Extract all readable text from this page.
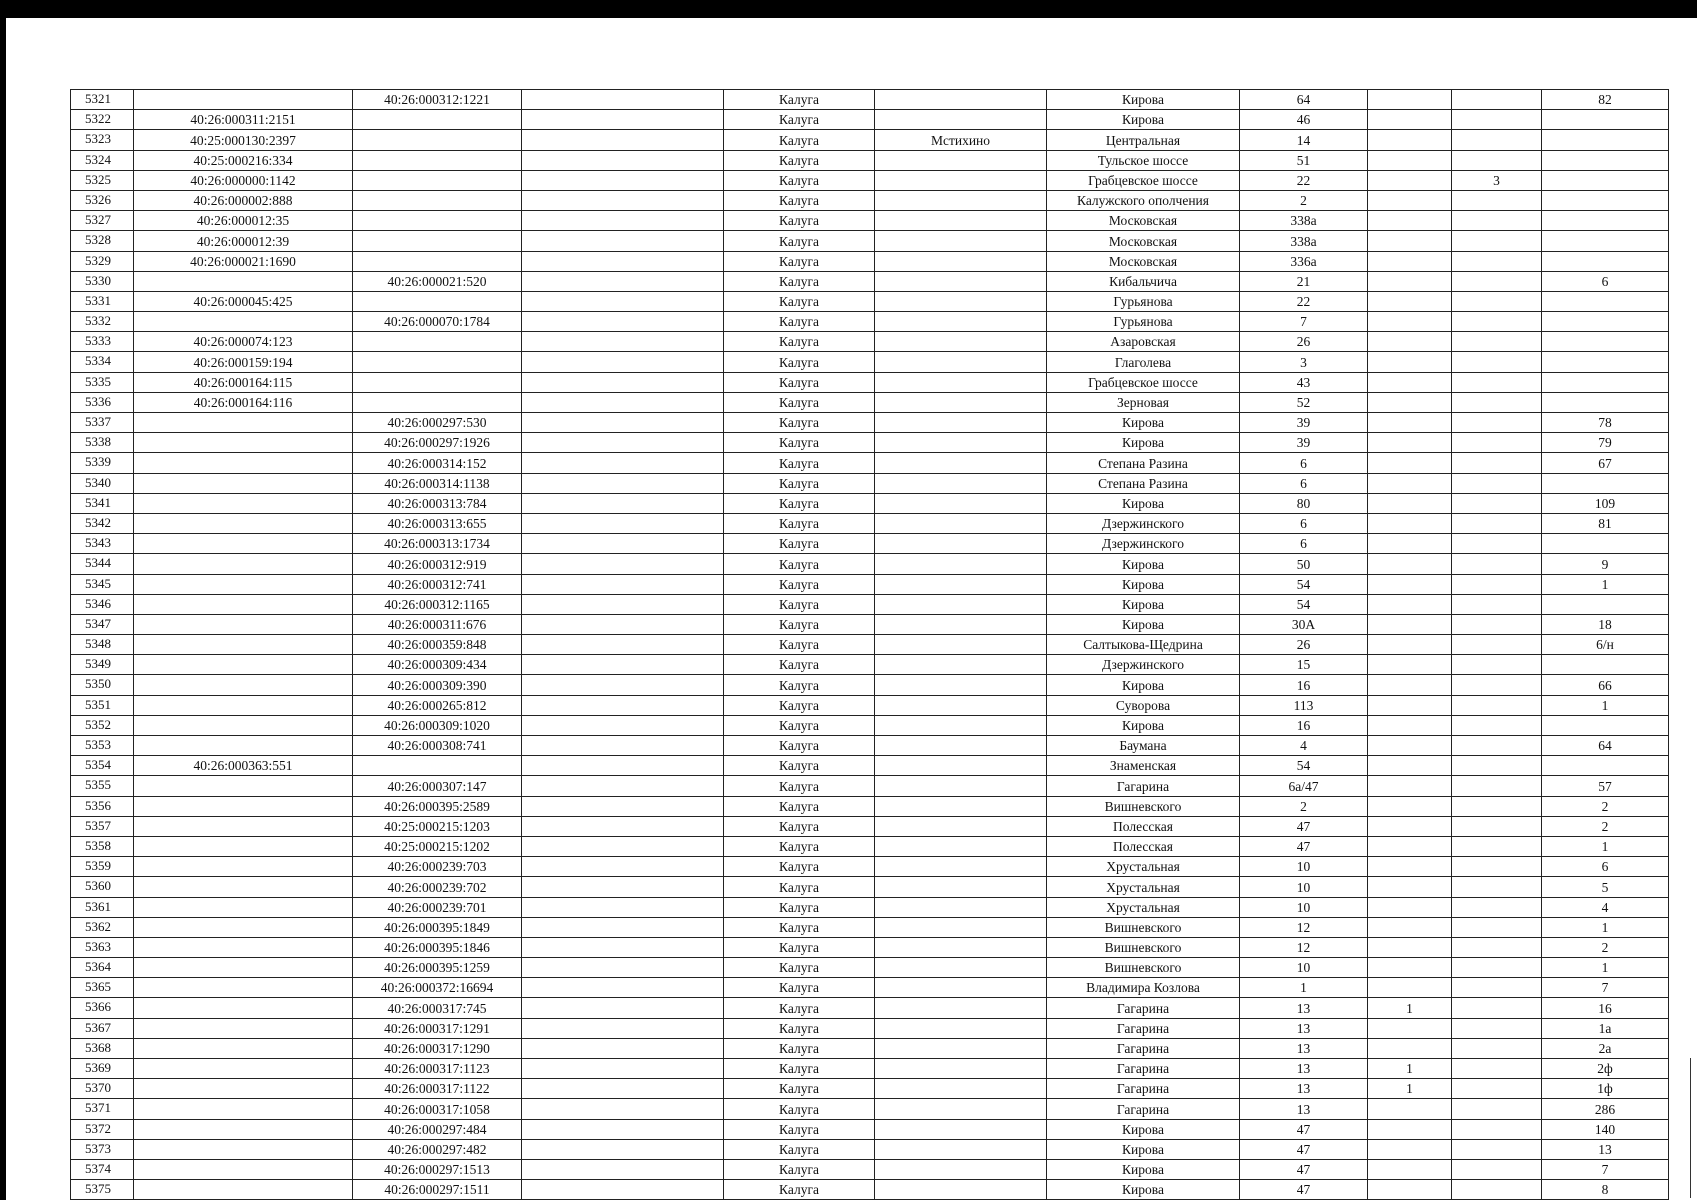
5321		40:26:000312:1221		Калуга		Кирова	64			82
5322	40:26:000311:2151			Калуга		Кирова	46			
5323	40:25:000130:2397			Калуга	Мстихино	Центральная	14			
5324	40:25:000216:334			Калуга		Тульское шоссе	51			
5325	40:26:000000:1142			Калуга		Грабцевское шоссе	22		3	
5326	40:26:000002:888			Калуга		Калужского ополчения	2			
5327	40:26:000012:35			Калуга		Московская	338а			
5328	40:26:000012:39			Калуга		Московская	338а			
5329	40:26:000021:1690			Калуга		Московская	336а			
5330		40:26:000021:520		Калуга		Кибальчича	21			6
5331	40:26:000045:425			Калуга		Гурьянова	22			
5332		40:26:000070:1784		Калуга		Гурьянова	7			
5333	40:26:000074:123			Калуга		Азаровская	26			
5334	40:26:000159:194			Калуга		Глаголева	3			
5335	40:26:000164:115			Калуга		Грабцевское шоссе	43			
5336	40:26:000164:116			Калуга		Зерновая	52			
5337		40:26:000297:530		Калуга		Кирова	39			78
5338		40:26:000297:1926		Калуга		Кирова	39			79
5339		40:26:000314:152		Калуга		Степана Разина	6			67
5340		40:26:000314:1138		Калуга		Степана Разина	6			
5341		40:26:000313:784		Калуга		Кирова	80			109
5342		40:26:000313:655		Калуга		Дзержинского	6			81
5343		40:26:000313:1734		Калуга		Дзержинского	6			
5344		40:26:000312:919		Калуга		Кирова	50			9
5345		40:26:000312:741		Калуга		Кирова	54			1
5346		40:26:000312:1165		Калуга		Кирова	54			
5347		40:26:000311:676		Калуга		Кирова	30А			18
5348		40:26:000359:848		Калуга		Салтыкова-Щедрина	26			6/н
5349		40:26:000309:434		Калуга		Дзержинского	15			
5350		40:26:000309:390		Калуга		Кирова	16			66
5351		40:26:000265:812		Калуга		Суворова	113			1
5352		40:26:000309:1020		Калуга		Кирова	16			
5353		40:26:000308:741		Калуга		Баумана	4			64
5354	40:26:000363:551			Калуга		Знаменская	54			
5355		40:26:000307:147		Калуга		Гагарина	6а/47			57
5356		40:26:000395:2589		Калуга		Вишневского	2			2
5357		40:25:000215:1203		Калуга		Полесская	47			2
5358		40:25:000215:1202		Калуга		Полесская	47			1
5359		40:26:000239:703		Калуга		Хрустальная	10			6
5360		40:26:000239:702		Калуга		Хрустальная	10			5
5361		40:26:000239:701		Калуга		Хрустальная	10			4
5362		40:26:000395:1849		Калуга		Вишневского	12			1
5363		40:26:000395:1846		Калуга		Вишневского	12			2
5364		40:26:000395:1259		Калуга		Вишневского	10			1
5365		40:26:000372:16694		Калуга		Владимира Козлова	1			7
5366		40:26:000317:745		Калуга		Гагарина	13	1		16
5367		40:26:000317:1291		Калуга		Гагарина	13			1а
5368		40:26:000317:1290		Калуга		Гагарина	13			2а
5369		40:26:000317:1123		Калуга		Гагарина	13	1		2ф
5370		40:26:000317:1122		Калуга		Гагарина	13	1		1ф
5371		40:26:000317:1058		Калуга		Гагарина	13			286
5372		40:26:000297:484		Калуга		Кирова	47			140
5373		40:26:000297:482		Калуга		Кирова	47			13
5374		40:26:000297:1513		Калуга		Кирова	47			7
5375		40:26:000297:1511		Калуга		Кирова	47			8
